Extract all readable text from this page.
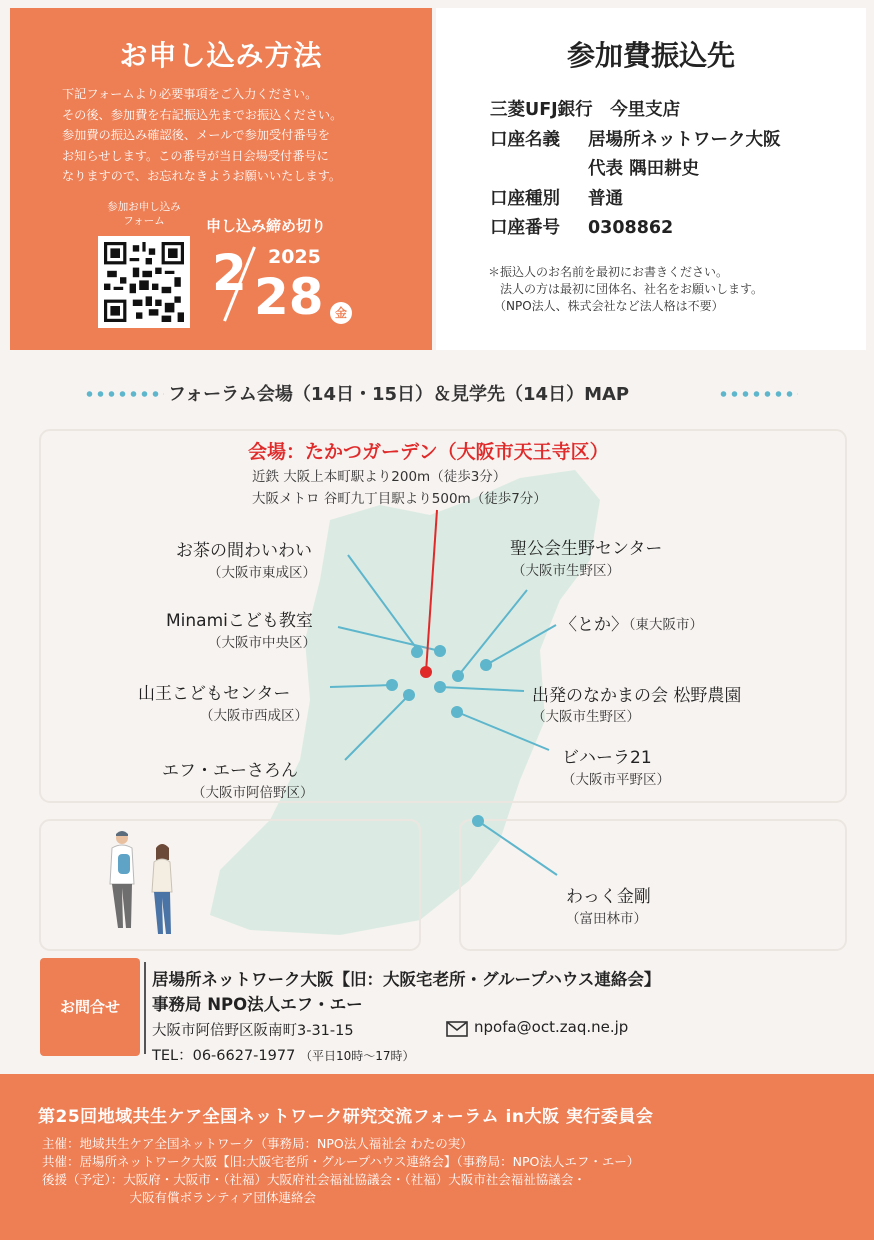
お申し込み方法
下記フォームより必要事項をご入力ください。
その後、参加費を右記振込先までお振込ください。
参加費の振込み確認後、メールで参加受付番号を
お知らせします。この番号が当日会場受付番号に
なりますので、お忘れなきようお願いいたします。
参加お申し込み
フォーム	申し込み締め切り
2 2025
28 金
参加費振込先
三菱UFJ銀行　今里支店
口座名義 居場所ネットワーク大阪
代表 隅田耕史
口座種別 普通
口座番号 0308862
＊振込人のお名前を最初にお書きください。
　法人の方は最初に団体名、社名をお願いします。
　（NPO法人、株式会社など法人格は不要）
フォーラム会場（14日・15日）＆見学先（14日）MAP
会場：たかつガーデン（大阪市天王寺区）
近鉄 大阪上本町駅より200m（徒歩3分）
大阪メトロ 谷町九丁目駅より500m（徒歩7分）
お茶の間わいわい
（大阪市東成区）
Minamiこども教室
（大阪市中央区）
山王こどもセンター
（大阪市西成区）
エフ・エーさろん
（大阪市阿倍野区）
聖公会生野センター
（大阪市生野区）
〈とか〉
（東大阪市）
出発のなかまの会 松野農園
（大阪市生野区）
ビハーラ21
（大阪市平野区）
わっく金剛
（富田林市）
お問合せ
居場所ネットワーク大阪【旧：大阪宅老所・グループハウス連絡会】
事務局 NPO法人エフ・エー
大阪市阿倍野区阪南町3-31-15
TEL：06-6627-1977 （平日10時～17時）
npofa@oct.zaq.ne.jp
第25回地域共生ケア全国ネットワーク研究交流フォーラム in大阪 実行委員会
主催：地域共生ケア全国ネットワーク（事務局：NPO法人福祉会 わたの実）
共催：居場所ネットワーク大阪【旧:大阪宅老所・グループハウス連絡会】（事務局：NPO法人エフ・エー）
後援（予定）：大阪府・大阪市・（社福）大阪府社会福祉協議会・（社福）大阪市社会福祉協議会・
　　　　　　　大阪有償ボランティア団体連絡会
